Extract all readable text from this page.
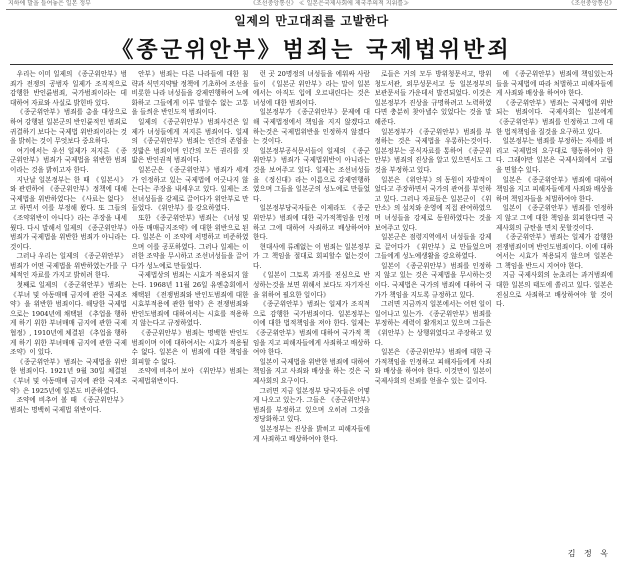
지하에 발을 들여놓은 일본 정부	《조선중앙통신》 ≪ 일본은국제사회에 제국주의적 지위를≫	《조선중앙통신》
일제의 만고대죄를 고발한다
《종군위안부》범죄는 국제법위반죄

우리는 이미 일제의 《종군위안부》범죄가 전쟁의 공범자 일제가 조직적으로 감행한 반인륜범죄, 국가범죄이라는 데 대하여 자료와 사실로 밝힌바 있다.

《종군위안부》범죄를 총을 대상으로 하여 강행된 일본군의 반인륜적인 범죄로 귀결하기 보다는 국제법 위반죄이라는 것을 밝히는 것이 무엇보다 중요하다.

여기에서는 우선 일제가 저지른 《종군위안부》범죄가 국제법을 위반한 범죄이라는 것을 밝히고자 한다.

지난날 일본정부는 한 때 《일본시》와 관련하여 《종군위안부》정책에 대해 국제법을 위반하였다는 《사료는 없다》고 하면서 이를 부정해 왔다. 또 그들의 《조약위반이 아니다》라는 주장을 내세웠다. 다시 말해서 일제의 《종군위안부》범죄가 국제법을 위반한 범죄가 아니라는 것이다.

그러나 우리는 일제의 《종군위안부》범죄가 어떤 국제법을 위반하였는가를 구체적인 자료를 가지고 밝히려 한다.

첫째로 일제의 《종군위안부》범죄는 《부녀 및 아동매매 금지에 관한 국제조약》을 위반한 범죄이다. 해당한 국제법으로는 1904년에 채택된 《추업을 행하게 하기 위한 부녀매매 금지에 관한 국제협정》, 1910년에 체결된 《추업을 행하게 하기 위한 부녀매매 금지에 관한 국제조약》이 있다.

《종군위안부》범죄는 국제법을 위반한 범죄이다. 1921년 9월 30일 체결된 《부녀 및 아동매매 금지에 관한 국제조약》은 1925년에 일본도 비준하였다.

조약에 비추어 볼 때 《종군위안부》범죄는 명백히 국제법 위반이다.

안부》범죄는 다른 나라들에 대한 침략과 식민지약탈 정책에 기초하여 조선을 비롯한 나라 녀성들을 강제연행하여 노예화하고 그들에게 이루 말할수 없는 고통을 들씌운 반인도적 범죄이다.

일제의 《종군위안부》범죄사건은 일제가 녀성들에게 저지른 범죄이다. 일제의 《종군위안부》범죄는 인간의 존엄을 짓밟은 범죄이며 인간의 모든 권리를 짓밟은 반인권적 범죄이다.

일본군은 《종군위안부》범죄가 세계가 인정하고 있는 국제법에 어긋나지 않는다는 주장을 내세우고 있다. 일제는 조선녀성들을 강제로 끌어다가 위안부로 만들었다. 《위안부》를 강요하였다.

또한 《종군위안부》범죄는 《녀성 및 아동 매매금지조약》에 대한 위반으로 된다. 일본은 이 조약에 서명하고 비준하였으며 이를 공포하였다. 그러나 일제는 이러한 조약을 무시하고 조선녀성들을 끌어다가 성노예로 만들었다.

국제법상의 범죄는 시효가 적용되지 않는다. 1968년 11월 26일 유엔총회에서 채택된 《전쟁범죄와 반인도범죄에 대한 시효부적용에 관한 협약》은 전쟁범죄와 반인도범죄에 대하여서는 시효를 적용하지 않는다고 규정하였다.

《종군위안부》범죄는 명백한 반인도범죄이며 이에 대하여서는 시효가 적용될 수 없다. 일본은 이 범죄에 대한 책임을 회피할 수 없다.

조약에 비추어 보아 《위안부》범죄는 국제법위반이다.

런 곳 20명정의 녀성들을 에워싸 사람들이 《일본군 위안부》라는 말이 일본에서는 아직도 입에 오르내린다는 것은 녀성에 대한 범죄이다.

일본정부가 《종군위안부》문제에 대해 국제법정에서 책임을 지지 않겠다고 하는것은 국제법위반을 인정하지 않겠다는 것이다.

일본정부공식문서들이 일제의 《종군위안부》범죄가 국제법위반이 아니라는 것을 보여주고 있다. 일제는 조선녀성들을 《정신대》라는 이름으로 강제연행하였으며 그들을 일본군의 성노예로 만들었다.

일본정부당국자들은 이제라도 《종군위안부》범죄에 대한 국가적책임을 인정하고 그에 대하여 사죄하고 배상하여야 한다.

현대사에 류례없는 이 범죄는 일본정부가 그 책임을 절대로 회피할수 없는것이다.

《일본이 그토록 과거를 진심으로 반성하는것을 보면 위해서 보다도 자기자신을 위하여 필요한 일이다》

《종군위안부》범죄는 일제가 조직적으로 감행한 국가범죄이다. 일본정부는 이에 대한 법적책임을 져야 한다. 일제는 《종군위안부》범죄에 대하여 국가적 책임을 지고 피해자들에게 사죄하고 배상하여야 한다.

일본이 국제법을 위반한 범죄에 대하여 책임을 지고 사죄와 배상을 하는 것은 국제사회의 요구이다.

그러면 지금 일본정부 당국자들은 어떻게 나오고 있는가. 그들은 《종군위안부》범죄를 부정하고 있으며 오히려 그것을 정당화하고 있다.

일본정부는 진상을 밝히고 피해자들에게 사죄하고 배상하여야 한다.

로들은 거의 모두 방위청문서고, 방위청도서관, 외무성문서고 등 일본정부의 보관문서들 가운데서 발견되었다. 이것은 일본정부가 진상을 규명하려고 노력하였다면 충분히 찾아낼수 있었다는 것을 말해준다.

일본정부가 《종군위안부》범죄를 부정하는 것은 국제법을 우롱하는것이다. 일본정부는 공식자료를 통하여 《종군위안부》범죄의 진상을 알고 있으면서도 그것을 부정하고 있다.

일본은 《위안부》의 동원이 자발적이었다고 주장하면서 국가의 관여를 부인하고 있다. 그러나 자료들은 일본군이 《위안소》의 설치와 운영에 직접 관여하였으며 녀성들을 강제로 동원하였다는 것을 보여주고 있다.

일본군은 점령지역에서 녀성들을 강제로 끌어다가 《위안부》로 만들었으며 그들에게 성노예생활을 강요하였다.

일본이 《종군위안부》범죄를 인정하지 않고 있는 것은 국제법을 무시하는것이다. 국제법은 국가의 범죄에 대하여 국가가 책임을 지도록 규정하고 있다.

그러면 지금까지 일본에서는 어떤 일이 일어나고 있는가. 《종군위안부》범죄를 부정하는 세력이 활개치고 있으며 그들은 《위안부》는 상행위였다고 주장하고 있다.

일본은 《종군위안부》범죄에 대한 국가적책임을 인정하고 피해자들에게 사죄와 배상을 하여야 한다. 이것만이 일본이 국제사회의 신뢰를 얻을수 있는 길이다.

에 《종군위안부》범죄에 책임있는자들을 국제법에 따라 처벌하고 피해자들에게 사죄와 배상을 하여야 한다.

《종군위안부》범죄는 국제법에 위반되는 범죄이다. 국제사회는 일본에게 《종군위안부》범죄를 인정하고 그에 대한 법적책임을 질것을 요구하고 있다.

일본정부는 범죄를 부정하는 자세를 버리고 국제법의 요구대로 행동하여야 한다. 그래야만 일본은 국제사회에서 고립을 면할수 있다.

일본은 《종군위안부》범죄에 대하여 책임을 지고 피해자들에게 사죄와 배상을 하며 책임자들을 처벌하여야 한다.

일본이 《종군위안부》범죄를 인정하지 않고 그에 대한 책임을 회피한다면 국제사회의 규탄을 면치 못할것이다.

《종군위안부》범죄는 일제가 감행한 전쟁범죄이며 반인도범죄이다. 이에 대하여서는 시효가 적용되지 않으며 일본은 그 책임을 반드시 지여야 한다.

지금 국제사회의 눈초리는 과거범죄에 대한 일본의 태도에 쏠리고 있다. 일본은 진심으로 사죄하고 배상하여야 할 것이다.

김 정 옥
